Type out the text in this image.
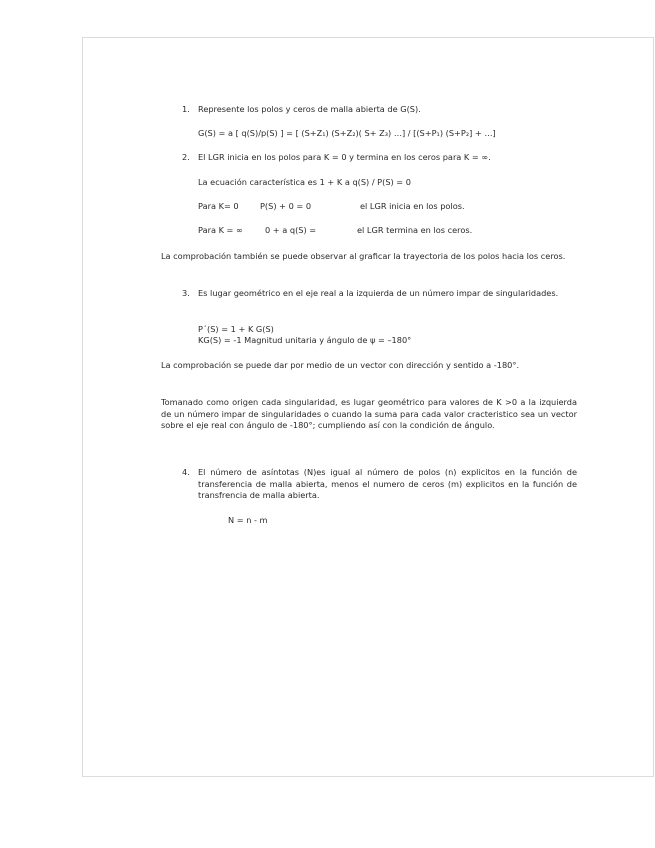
1. Represente los polos y ceros de malla abierta de G(S).
G(S) = a [ q(S)/p(S) ] = [ (S+Z₁) (S+Z₂)( S+ Z₃) …] / [(S+P₁) (S+P₂] + …]
2. El LGR inicia en los polos para K = 0 y termina en los ceros para K = ∞.
La ecuación característica es 1 + K a q(S) / P(S) = 0
Para K= 0	P(S) + 0 = 0	el LGR inicia en los polos.
Para K = ∞	0 + a q(S) =	el LGR termina en los ceros.
La comprobación también se puede observar al graficar la trayectoria de los polos hacia los ceros.
3. Es lugar geométrico en el eje real a la izquierda de un número impar de singularidades.
P´(S) = 1 + K G(S)
KG(S) = -1 Magnitud unitaria y ángulo de ψ = –180°
La comprobación se puede dar por medio de un vector con dirección y sentido a -180°.
Tomanado como origen cada singularidad, es lugar geométrico para valores de K >0 a la izquierda de un número impar de singularidades o cuando la suma para cada valor cracteristico sea un vector sobre el eje real con ángulo de -180°; cumpliendo así con la condición de ángulo.
4. El número de asíntotas (N)es igual al número de polos (n) explicitos en la función de transferencia de malla abierta, menos el numero de ceros (m) explicitos en la función de transfrencia de malla abierta.
N = n - m
